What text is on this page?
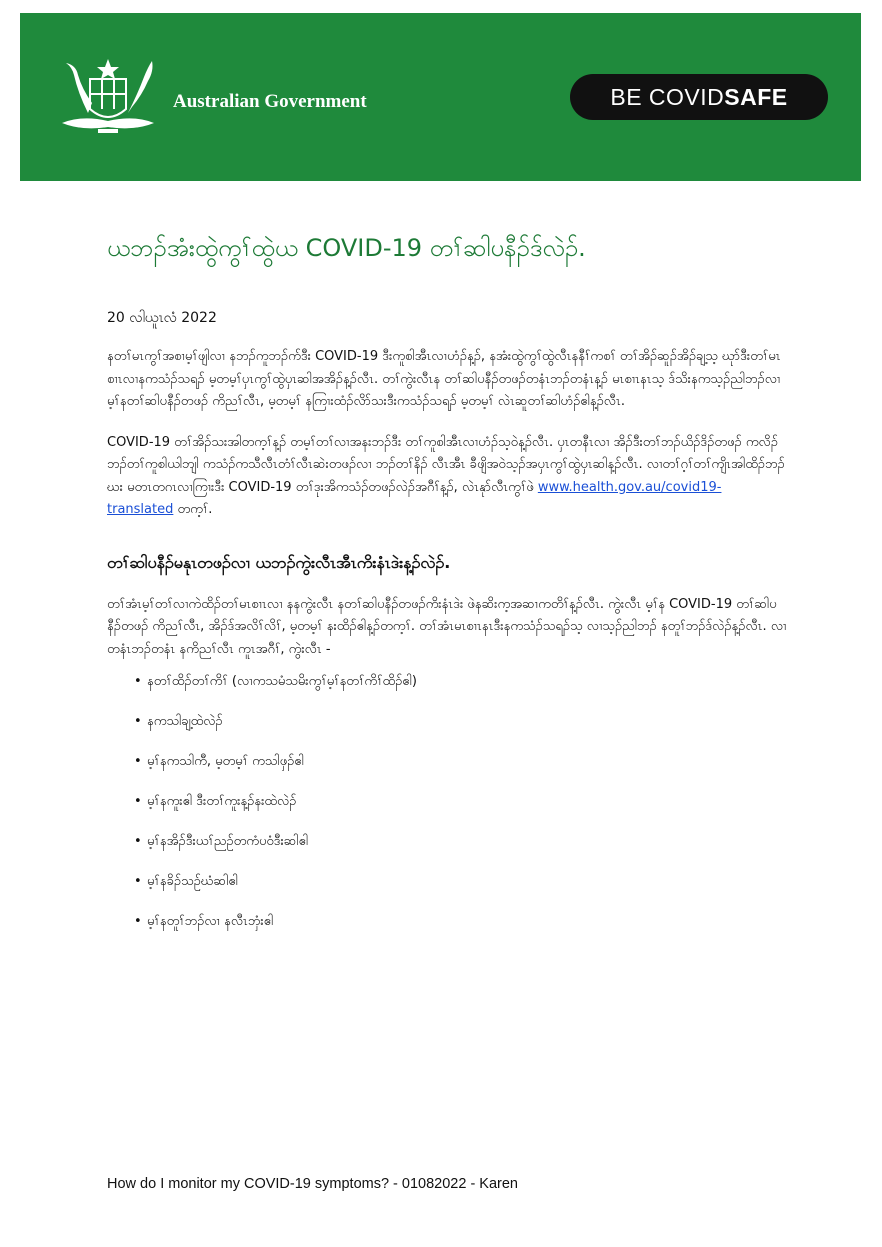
Australian Government	BE COVID SAFE
ယဘၣ်အံးထွဲကွၢ်ထွဲယ COVID-19 တၢ်ဆါပနီၣ်ဒ်လဲၣ်.
20 လါယူၤလံ 2022

နတၢ်မၤကွၢ်အစၢမ့ၢ်ဖျါလၢ နဘၣ်ကူဘၣ်က်ဒီး COVID-19 ဒီးကူစါအီၤလၢဟံၣ်န့ၣ်, နအံးထွဲကွၢ်ထွဲလီၤနနီၢ်ကစၢ် တၢ်အိၣ်ဆူၣ်အိၣ်ချ့သ့ ဃုာ်ဒီးတၢ်မၤစၢၤလၢနကသံၣ်သရၣ် မ့တမ့ၢ်ပှၤကွၢ်ထွဲပှၤဆါအအိၣ်န့ၣ်လီၤ. တၢ်ကွဲးလီၤန တၢ်ဆါပနီၣ်တဖၣ်တနံၤဘၣ်တနံၤန့ၣ် မၤစၢၤနၤသ့ ဒ်သိးနကသ့ၣ်ညါဘၣ်လၢ မ့ၢ်နတၢ်ဆါပနီၣ်တဖၣ် ကိညၢ်လီၤ, မ့တမ့ၢ် နကြၢးထံၣ်လိာ်သးဒီးကသံၣ်သရၣ် မ့တမ့ၢ် လဲၤဆူတၢ်ဆါဟံၣ်ဧါန့ၣ်လီၤ.

COVID-19 တၢ်အိၣ်သးအါတက့ၢ်န့ၣ် တမ့ၢ်တၢ်လၢအနးဘၣ်ဒီး တၢ်ကူစါအီၤလၢဟံၣ်သ့ဝဲန့ၣ်လီၤ. ပှၤတနီၤလၢ အိၣ်ဒီးတၢ်ဘၣ်ယိၣ်ဒိၣ်တဖၣ် ကလိၣ်ဘၣ်တၢ်ကူစါယါဘျါ ကသံၣ်ကသီလီၤတံၢ်လီၤဆဲးတဖၣ်လၢ ဘၣ်တၢ်နိၣ် လီၤအီၤ ခီဖျိအဝဲသ့ၣ်အပှၤကွၢ်ထွဲပှၤဆါန့ၣ်လီၤ. လၢတၢ်ဂ့ၢ်တၢ်ကျိၤအါထိၣ်ဘၣ်ဃး မတၤတဂၤလၢကြၢးဒီး COVID-19 တၢ်ဒုးအိကသံၣ်တဖၣ်လဲၣ်အဂီၢ်န့ၣ်, လဲၤနုာ်လီၤကွၢ်ဖဲ www.health.gov.au/covid19-translated တက့ၢ်.

တၢ်ဆါပနီၣ်မနုၤတဖၣ်လၢ ယဘၣ်ကွဲးလီၤအီၤကိးနံၤဒဲးန့ၣ်လဲၣ်.

တၢ်အံၤမ့ၢ်တၢ်လၢကဲထိၣ်တၢ်မၤစၢၤလၢ နနကွဲးလီၤ နတၢ်ဆါပနီၣ်တဖၣ်ကိးနံၤဒဲး ဖဲနဆိးက့အဆၢကတိၢ်န့ၣ်လီၤ. ကွဲးလီၤ မ့ၢ်န COVID-19 တၢ်ဆါပနီၣ်တဖၣ် ကိညၢ်လီၤ, အိၣ်ဒ်အလိၢ်လိၢ်, မ့တမ့ၢ် နးထိၣ်ဧါန့ၣ်တက့ၢ်. တၢ်အံၤမၤစၢၤနၤဒီးနကသံၣ်သရၣ်သ့ လၢသ့ၣ်ညါဘၣ် နတူၢ်ဘၣ်ဒ်လဲၣ်န့ၣ်လီၤ. လၢတနံၤဘၣ်တနံၤ နကိညၢ်လီၤ ကူၤအဂီၢ်, ကွဲးလီၤ -

• နတၢ်ထိၣ်တၢ်ကိၢ် (လၢကသမံသမိးကွၢ်မ့ၢ်နတၢ်ကိၢ်ထိၣ်ဧါ)
• နကသါချ့ထဲလဲၣ်
• မ့ၢ်နကသါကီ, မ့တမ့ၢ် ကသါဖှၣ်ဧါ
• မ့ၢ်နကူး‌ဧါ ဒီးတၢ်ကူးန့ၣ်နးထဲလဲၣ်
• မ့ၢ်နအိၣ်ဒီးယၢ်ညဉ်တကံပဝံဒီးဆါဧါ
• မ့ၢ်နခိၣ်သဉ်ဃံဆါဧါ
• မ့ၢ်နတူၢ်ဘၣ်လၢ နလီၤဘှံးဧါ
How do I monitor my COVID-19 symptoms? - 01082022 - Karen
